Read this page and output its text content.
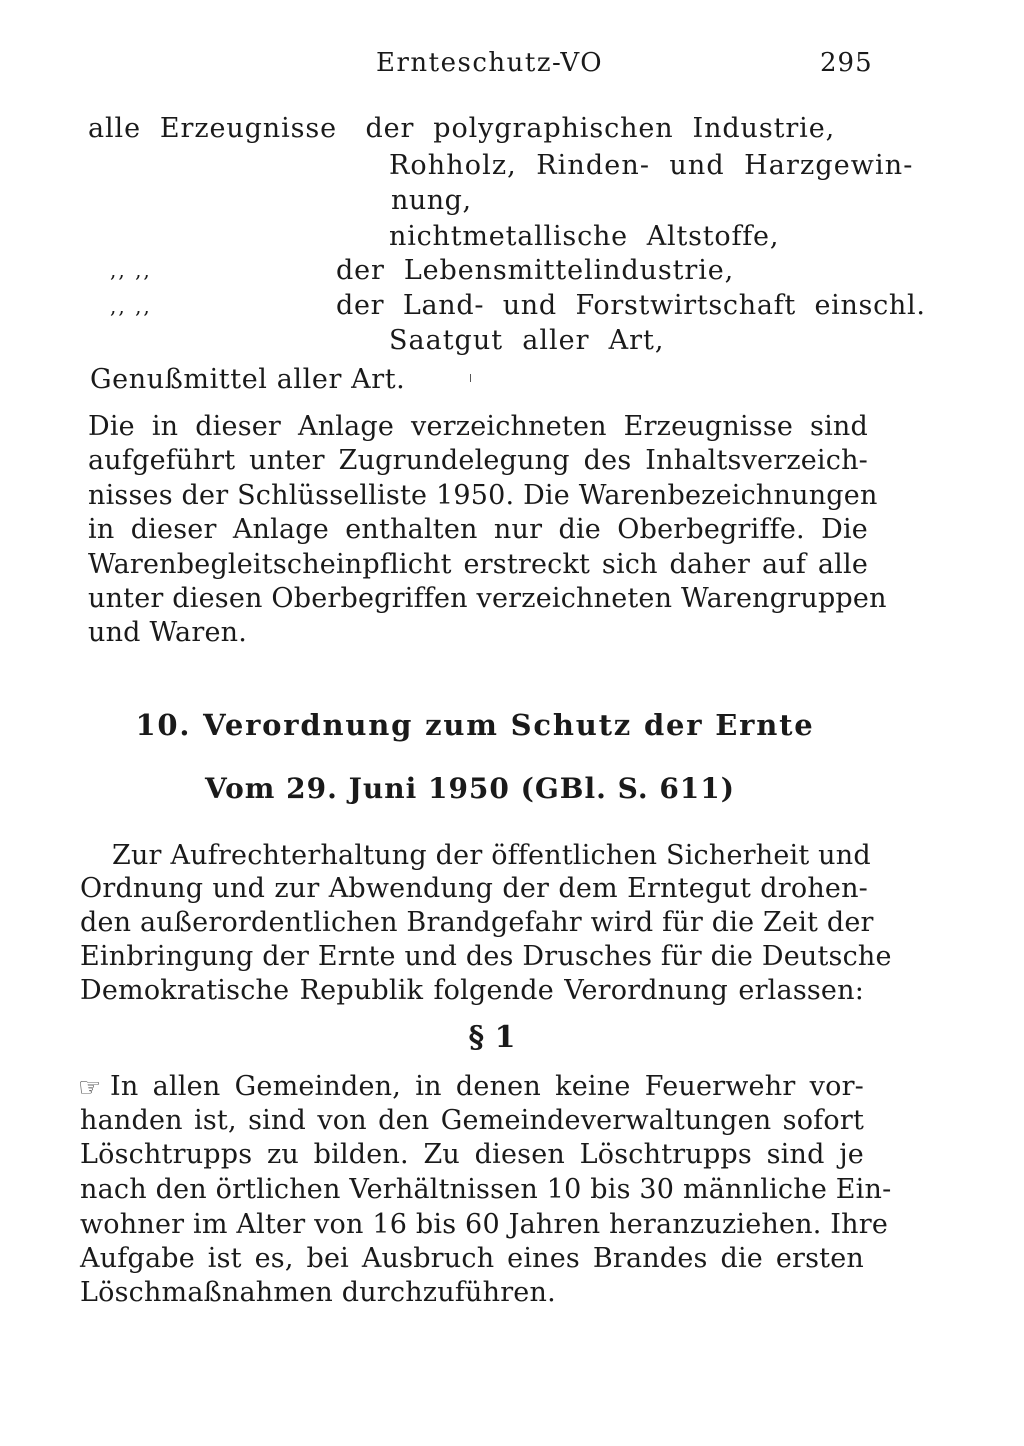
Ernteschutz-VO	295
alle  Erzeugnisse   der  polygraphischen  Industrie,
Rohholz,  Rinden-  und  Harzgewin-
nung,
nichtmetallische  Altstoffe,
,, ,,	der  Lebensmittelindustrie,
,, ,,	der  Land-  und  Forstwirtschaft  einschl.
Saatgut  aller  Art,
Genußmittel aller Art.
Die in dieser Anlage verzeichneten Erzeugnisse sind
aufgeführt unter Zugrundelegung des Inhaltsverzeich-
nisses der Schlüsselliste 1950. Die Warenbezeichnungen
in dieser Anlage enthalten nur die Oberbegriffe. Die
Warenbegleitscheinpflicht erstreckt sich daher auf alle
unter diesen Oberbegriffen verzeichneten Warengruppen
und Waren.
10. Verordnung zum Schutz der Ernte
Vom 29. Juni 1950 (GBl. S. 611)
Zur Aufrechterhaltung der öffentlichen Sicherheit und
Ordnung und zur Abwendung der dem Erntegut drohen-
den außerordentlichen Brandgefahr wird für die Zeit der
Einbringung der Ernte und des Drusches für die Deutsche
Demokratische Republik folgende Verordnung erlassen:
§ 1
☞ In allen Gemeinden, in denen keine Feuerwehr vor-
handen ist, sind von den Gemeindeverwaltungen sofort
Löschtrupps zu bilden. Zu diesen Löschtrupps sind je
nach den örtlichen Verhältnissen 10 bis 30 männliche Ein-
wohner im Alter von 16 bis 60 Jahren heranzuziehen. Ihre
Aufgabe ist es, bei Ausbruch eines Brandes die ersten
Löschmaßnahmen durchzuführen.
